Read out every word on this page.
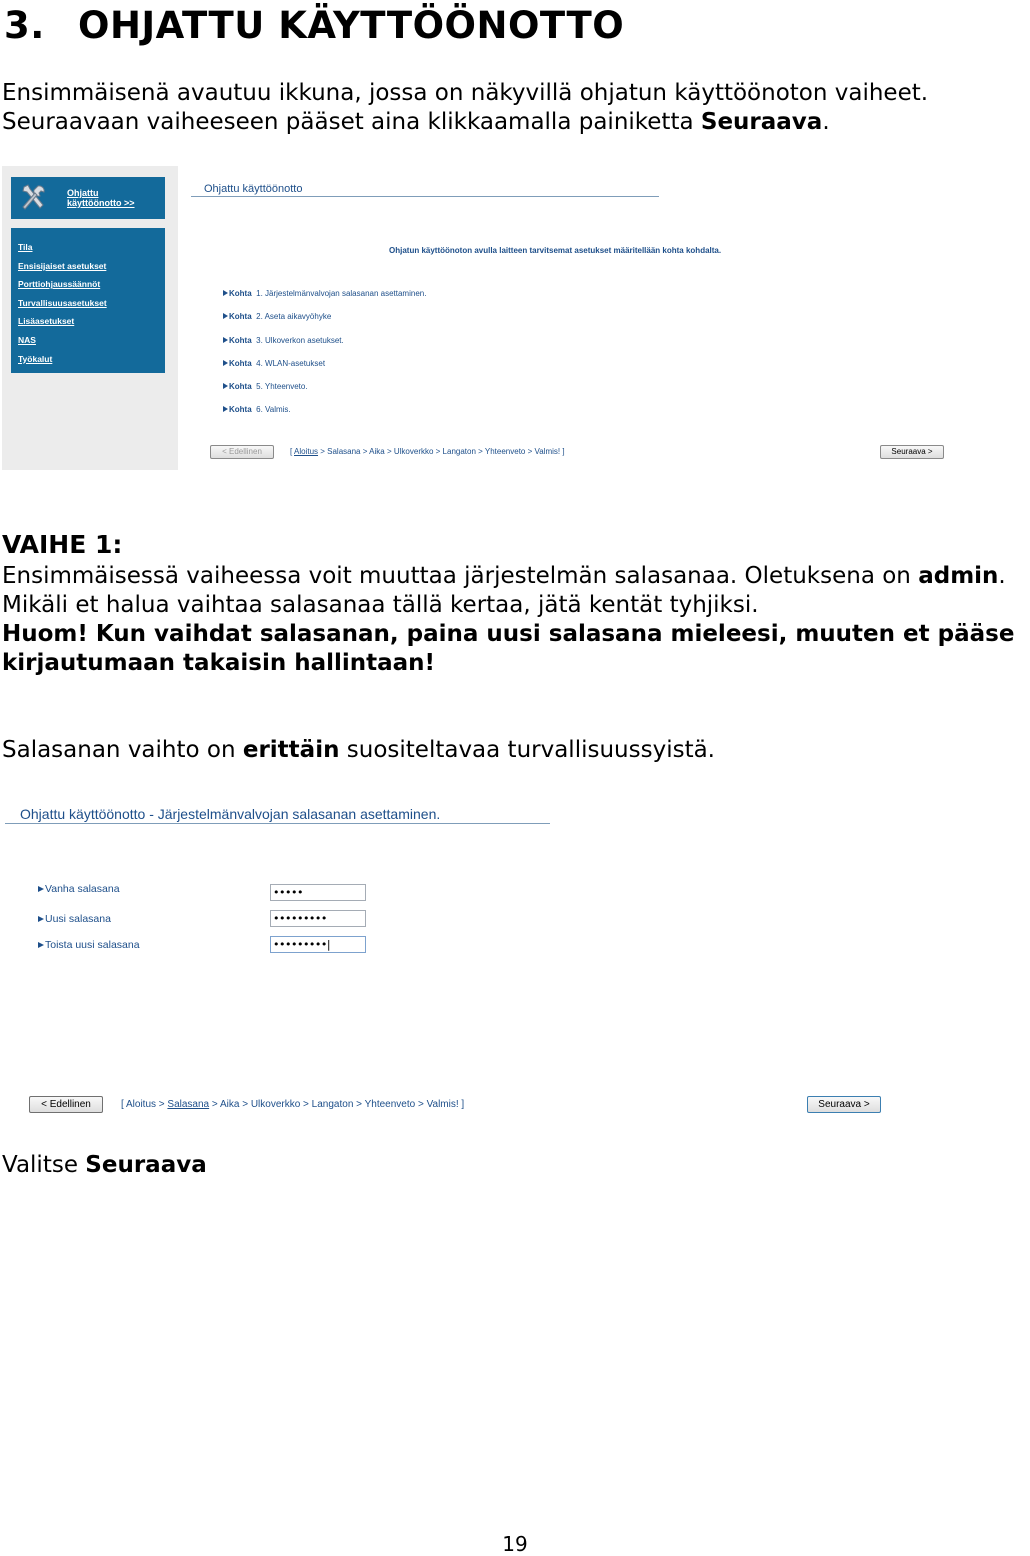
3. OHJATTU KÄYTTÖÖNOTTO
Ensimmäisenä avautuu ikkuna, jossa on näkyvillä ohjatun käyttöönoton vaiheet.
Seuraavaan vaiheeseen pääset aina klikkaamalla painiketta Seuraava.
Ohjattu
käyttöönotto >>
Tila
Ensisijaiset asetukset
Porttiohjaussäännöt
Turvallisuusasetukset
Lisäasetukset
NAS
Työkalut
Ohjattu käyttöönotto
Ohjatun käyttöönoton avulla laitteen tarvitsemat asetukset määritellään kohta kohdalta.
Kohta 1. Järjestelmänvalvojan salasanan asettaminen.
Kohta 2. Aseta aikavyöhyke
Kohta 3. Ulkoverkon asetukset.
Kohta 4. WLAN-asetukset
Kohta 5. Yhteenveto.
Kohta 6. Valmis.
< Edellinen	[ Aloitus > Salasana > Aika > Ulkoverkko > Langaton > Yhteenveto > Valmis! ]	Seuraava >
VAIHE 1:
Ensimmäisessä vaiheessa voit muuttaa järjestelmän salasanaa. Oletuksena on admin.
Mikäli et halua vaihtaa salasanaa tällä kertaa, jätä kentät tyhjiksi.
Huom! Kun vaihdat salasanan, paina uusi salasana mieleesi, muuten et pääse
kirjautumaan takaisin hallintaan!
Salasanan vaihto on erittäin suositeltavaa turvallisuussyistä.
Ohjattu käyttöönotto - Järjestelmänvalvojan salasanan asettaminen.
Vanha salasana	•••••
Uusi salasana	•••••••••
Toista uusi salasana	•••••••••|
< Edellinen	[ Aloitus > Salasana > Aika > Ulkoverkko > Langaton > Yhteenveto > Valmis! ]	Seuraava >
Valitse Seuraava
19
